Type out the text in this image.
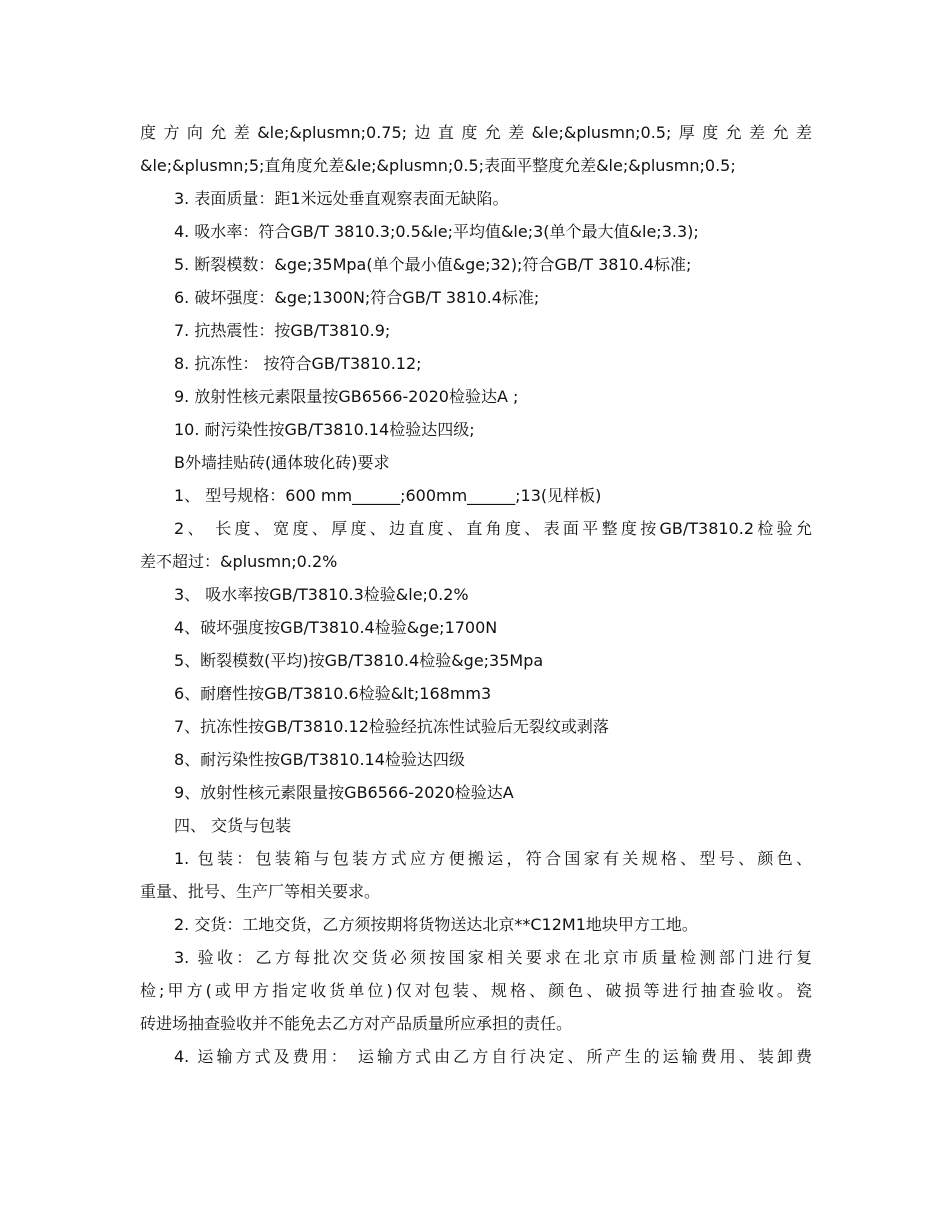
度方向允差&le;&plusmn;0.75;边直度允差&le;&plusmn;0.5;厚度允差允差
&le;&plusmn;5;直角度允差&le;&plusmn;0.5;表面平整度允差&le;&plusmn;0.5;
3. 表面质量：距1米远处垂直观察表面无缺陷。
4. 吸水率：符合GB/T 3810.3;0.5&le;平均值&le;3(单个最大值&le;3.3);
5. 断裂模数：&ge;35Mpa(单个最小值&ge;32);符合GB/T 3810.4标准;
6. 破坏强度：&ge;1300N;符合GB/T 3810.4标准;
7. 抗热震性：按GB/T3810.9;
8. 抗冻性： 按符合GB/T3810.12;
9. 放射性核元素限量按GB6566-2020检验达A ;
10. 耐污染性按GB/T3810.14检验达四级;
B外墙挂贴砖(通体玻化砖)要求
1、 型号规格：600 mm______;600mm______;13(见样板)
2、 长度、宽度、厚度、边直度、直角度、表面平整度按GB/T3810.2检验允
差不超过：&plusmn;0.2%
3、 吸水率按GB/T3810.3检验&le;0.2%
4、破坏强度按GB/T3810.4检验&ge;1700N
5、断裂模数(平均)按GB/T3810.4检验&ge;35Mpa
6、耐磨性按GB/T3810.6检验&lt;168mm3
7、抗冻性按GB/T3810.12检验经抗冻性试验后无裂纹或剥落
8、耐污染性按GB/T3810.14检验达四级
9、放射性核元素限量按GB6566-2020检验达A
四、 交货与包装
1. 包装：包装箱与包装方式应方便搬运，符合国家有关规格、型号、颜色、
重量、批号、生产厂等相关要求。
2. 交货：工地交货，乙方须按期将货物送达北京**C12M1地块甲方工地。
3. 验收：乙方每批次交货必须按国家相关要求在北京市质量检测部门进行复
检;甲方(或甲方指定收货单位)仅对包装、规格、颜色、破损等进行抽查验收。瓷
砖进场抽查验收并不能免去乙方对产品质量所应承担的责任。
4. 运输方式及费用： 运输方式由乙方自行决定、所产生的运输费用、装卸费
